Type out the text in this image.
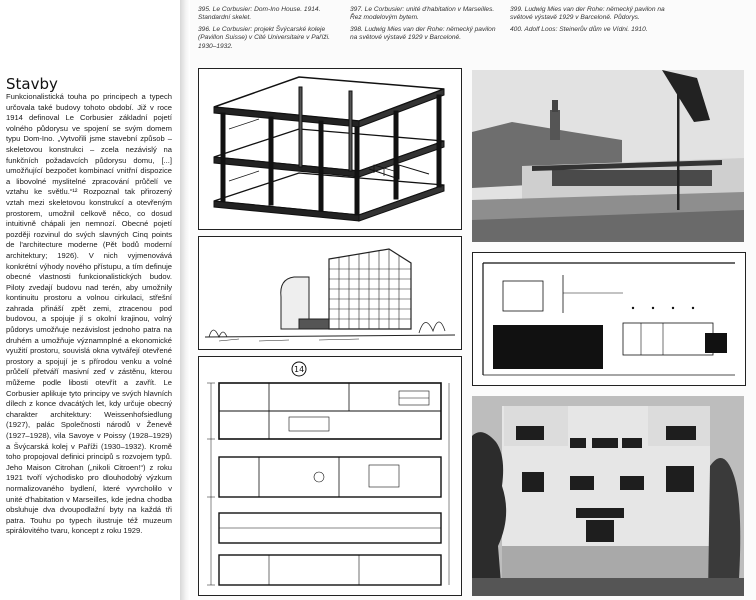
Stavby
Funkcionalistická touha po principech a typech určovala také budovy tohoto období. Již v roce 1914 definoval Le Corbusier základní pojetí volného půdorysu ve spojení se svým domem typu Dom-Ino. „Vytvořili jsme stavební způsob – skeletovou konstrukci – zcela nezávislý na funkčních požadavcích půdorysu domu, [...] umožňující bezpočet kombinací vnitřní dispozice a libovolné myslitelné zpracování průčelí ve vztahu ke světlu.“¹² Rozpoznal tak přirozený vztah mezi skeletovou konstrukcí a otevřeným prostorem, umožnil celkově něco, co dosud intuitivně chápali jen nemnozí. Obecné pojetí později rozvinul do svých slavných Cinq points de l'architecture moderne (Pět bodů moderní architektury; 1926). V nich vyjmenovává konkrétní výhody nového přístupu, a tím definuje obecné vlastnosti funkcionalistických budov. Piloty zvedají budovu nad terén, aby umožnily kontinuitu prostoru a volnou cirkulaci, střešní zahrada přináší zpět zemi, ztracenou pod budovou, a spojuje jí s okolní krajinou, volný půdorys umožňuje nezávislost jednoho patra na druhém a umožňuje významnplné a ekonomické využití prostoru, souvislá okna vytvářejí otevřené prostory a spojují je s přírodou venku a volné průčelí přetváří masivní zeď v zástěnu, kterou můžeme podle libosti otevřít a zavřít. Le Corbusier aplikuje tyto principy ve svých hlavních dílech z konce dvacátých let, kdy určuje obecný charakter architektury: Weissenhofsiedlung (1927), palác Společnosti národů v Ženevě (1927–1928), vila Savoye v Poissy (1928–1929) a Švýcarská kolej v Paříži (1930–1932). Kromě toho propojoval definici principů s rozvojem typů. Jeho Maison Citrohan („nikoli Citroen!“) z roku 1921 tvoří východisko pro dlouhodobý výzkum normalizovaného bydlení, které vyvrcholilo v unité d'habitation v Marseilles, kde jedna chodba obsluhuje dva dvoupodlažní byty na každá tři patra. Touhu po typech ilustruje též muzeum spirálovitého tvaru, koncept z roku 1929.
395. Le Corbusier: Dom-Ino House. 1914. Standardní skelet.
396. Le Corbusier: projekt Švýcarské koleje (Pavillon Suisse) v Cité Universitaire v Paříži. 1930–1932.
397. Le Corbusier: unité d'habitation v Marseilles. Řez modelovým bytem.
398. Ludwig Mies van der Rohe: německý pavilon na světové výstavě 1929 v Barceloně.
399. Ludwig Mies van der Rohe: německý pavilon na světové výstavě 1929 v Barceloně. Půdorys.
400. Adolf Loos: Steinerův dům ve Vídni. 1910.
14
